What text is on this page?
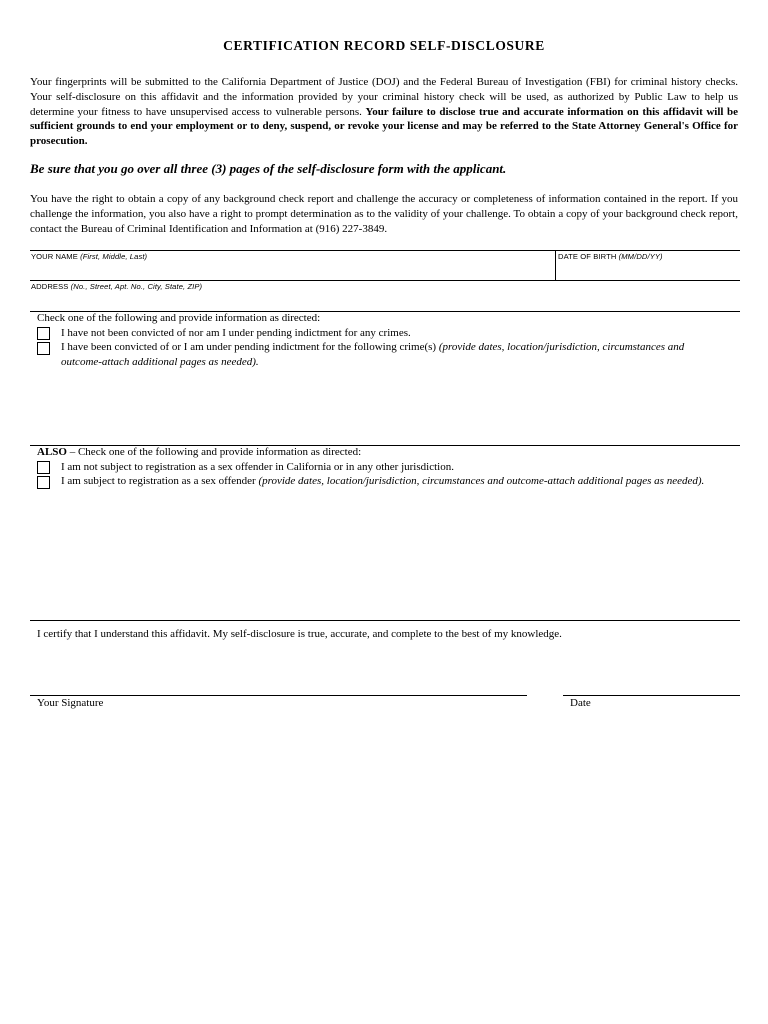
CERTIFICATION RECORD SELF-DISCLOSURE
Your fingerprints will be submitted to the California Department of Justice (DOJ) and the Federal Bureau of Investigation (FBI) for criminal history checks. Your self-disclosure on this affidavit and the information provided by your criminal history check will be used, as authorized by Public Law to help us determine your fitness to have unsupervised access to vulnerable persons. Your failure to disclose true and accurate information on this affidavit will be sufficient grounds to end your employment or to deny, suspend, or revoke your license and may be referred to the State Attorney General's Office for prosecution.
Be sure that you go over all three (3) pages of the self-disclosure form with the applicant.
You have the right to obtain a copy of any background check report and challenge the accuracy or completeness of information contained in the report. If you challenge the information, you also have a right to prompt determination as to the validity of your challenge. To obtain a copy of your background check report, contact the Bureau of Criminal Identification and Information at (916) 227-3849.
YOUR NAME (First, Middle, Last)	DATE OF BIRTH (MM/DD/YY)
ADDRESS (No., Street, Apt. No., City, State, ZIP)
Check one of the following and provide information as directed:
I have not been convicted of nor am I under pending indictment for any crimes.
I have been convicted of or I am under pending indictment for the following crime(s) (provide dates, location/jurisdiction, circumstances and outcome-attach additional pages as needed).
ALSO – Check one of the following and provide information as directed:
I am not subject to registration as a sex offender in California or in any other jurisdiction.
I am subject to registration as a sex offender (provide dates, location/jurisdiction, circumstances and outcome-attach additional pages as needed).
I certify that I understand this affidavit. My self-disclosure is true, accurate, and complete to the best of my knowledge.
Your Signature	Date
